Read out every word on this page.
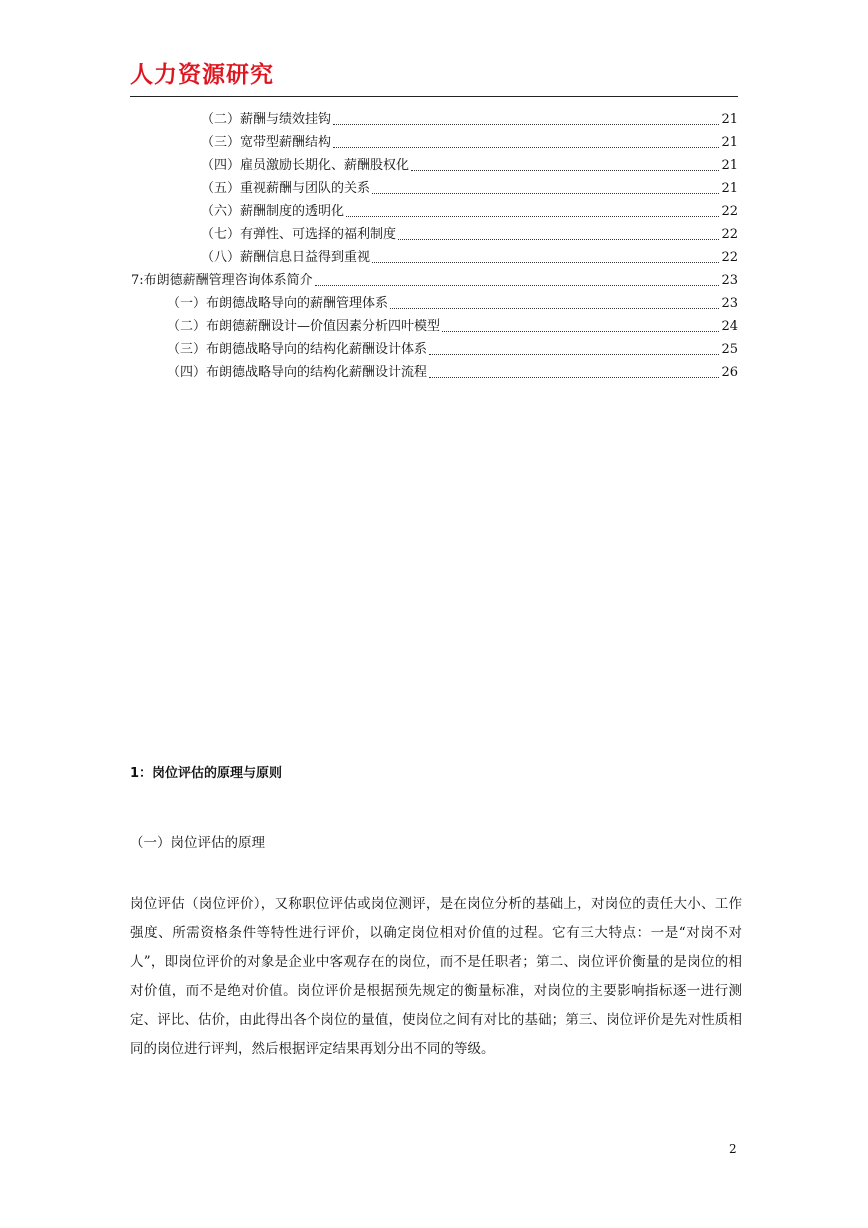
人力资源研究
（二）薪酬与绩效挂钩	21
（三）宽带型薪酬结构	21
（四）雇员激励长期化、薪酬股权化	21
（五）重视薪酬与团队的关系	21
（六）薪酬制度的透明化	22
（七）有弹性、可选择的福利制度	22
（八）薪酬信息日益得到重视	22
7:布朗德薪酬管理咨询体系简介	23
（一）布朗德战略导向的薪酬管理体系	23
（二）布朗德薪酬设计—价值因素分析四叶模型	24
（三）布朗德战略导向的结构化薪酬设计体系	25
（四）布朗德战略导向的结构化薪酬设计流程	26
1：岗位评估的原理与原则
（一）岗位评估的原理
岗位评估（岗位评价），又称职位评估或岗位测评，是在岗位分析的基础上，对岗位的责任大小、工作强度、所需资格条件等特性进行评价，以确定岗位相对价值的过程。它有三大特点：一是“对岗不对人”，即岗位评价的对象是企业中客观存在的岗位，而不是任职者；第二、岗位评价衡量的是岗位的相对价值，而不是绝对价值。岗位评价是根据预先规定的衡量标准，对岗位的主要影响指标逐一进行测定、评比、估价，由此得出各个岗位的量值，使岗位之间有对比的基础；第三、岗位评价是先对性质相同的岗位进行评判，然后根据评定结果再划分出不同的等级。
2
